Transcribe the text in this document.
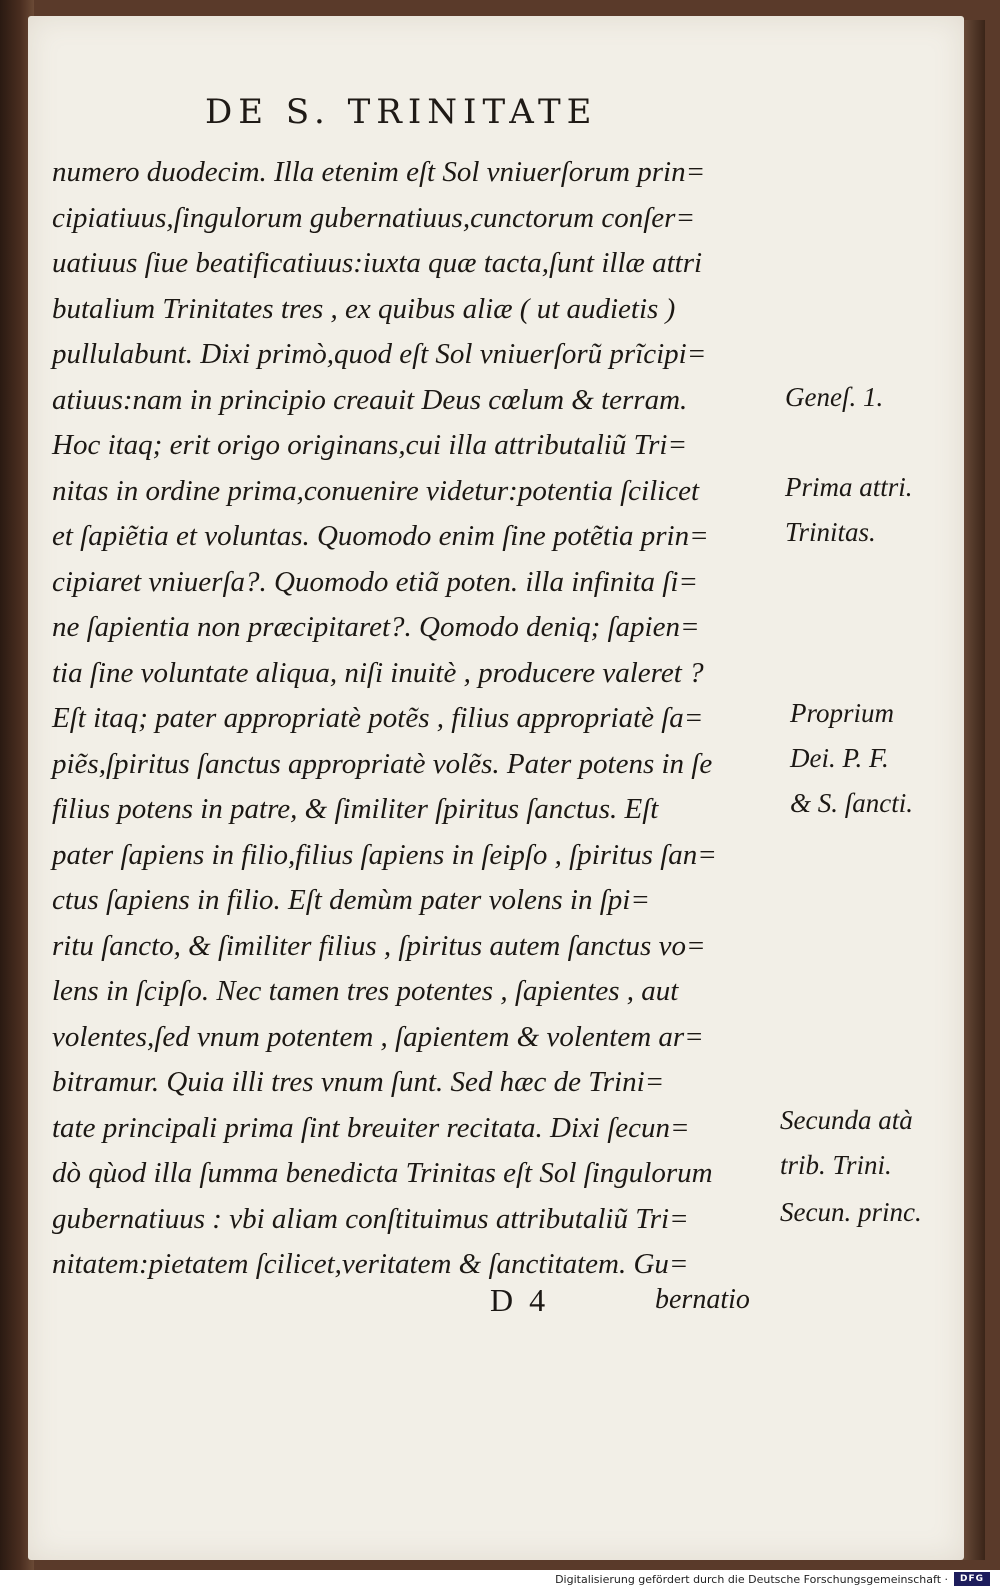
DE S. TRINITATE
numero duodecim. Illa etenim eſt Sol vniuerſorum prin=
cipiatiuus,ſingulorum gubernatiuus,cunctorum conſer=
uatiuus ſiue beatificatiuus:iuxta quæ tacta,ſunt illæ attri
butalium Trinitates tres , ex quibus aliæ ( ut audietis )
pullulabunt. Dixi primò,quod eſt Sol vniuerſorũ prĩcipi=
atiuus:nam in principio creauit Deus cœlum & terram.
Hoc itaq; erit origo originans,cui illa attributaliũ Tri=
nitas in ordine prima,conuenire videtur:potentia ſcilicet
et ſapiẽtia et voluntas. Quomodo enim ſine potẽtia prin=
cipiaret vniuerſa?. Quomodo etiã poten. illa infinita ſi=
ne ſapientia non præcipitaret?. Qomodo deniq; ſapien=
tia ſine voluntate aliqua, niſi inuitè , producere valeret ?
Eſt itaq; pater appropriatè potẽs , filius appropriatè ſa=
piẽs,ſpiritus ſanctus appropriatè volẽs. Pater potens in ſe
filius potens in patre, & ſimiliter ſpiritus ſanctus. Eſt
pater ſapiens in filio,filius ſapiens in ſeipſo , ſpiritus ſan=
ctus ſapiens in filio. Eſt demùm pater volens in ſpi=
ritu ſancto, & ſimiliter filius , ſpiritus autem ſanctus vo=
lens in ſcipſo. Nec tamen tres potentes , ſapientes , aut
volentes,ſed vnum potentem , ſapientem & volentem ar=
bitramur. Quia illi tres vnum ſunt. Sed hæc de Trini=
tate principali prima ſint breuiter recitata. Dixi ſecun=
dò qùod illa ſumma benedicta Trinitas eſt Sol ſingulorum
gubernatiuus : vbi aliam conſtituimus attributaliũ Tri=
nitatem:pietatem ſcilicet,veritatem & ſanctitatem. Gu=
Geneſ. 1.
Prima attri.
Trinitas.
Proprium
Dei. P. F.
& S. ſancti.
Secunda atà
trib. Trini.
Secun. princ.
D 4	bernatio
Digitalisierung gefördert durch die Deutsche Forschungsgemeinschaft ·	DFG
